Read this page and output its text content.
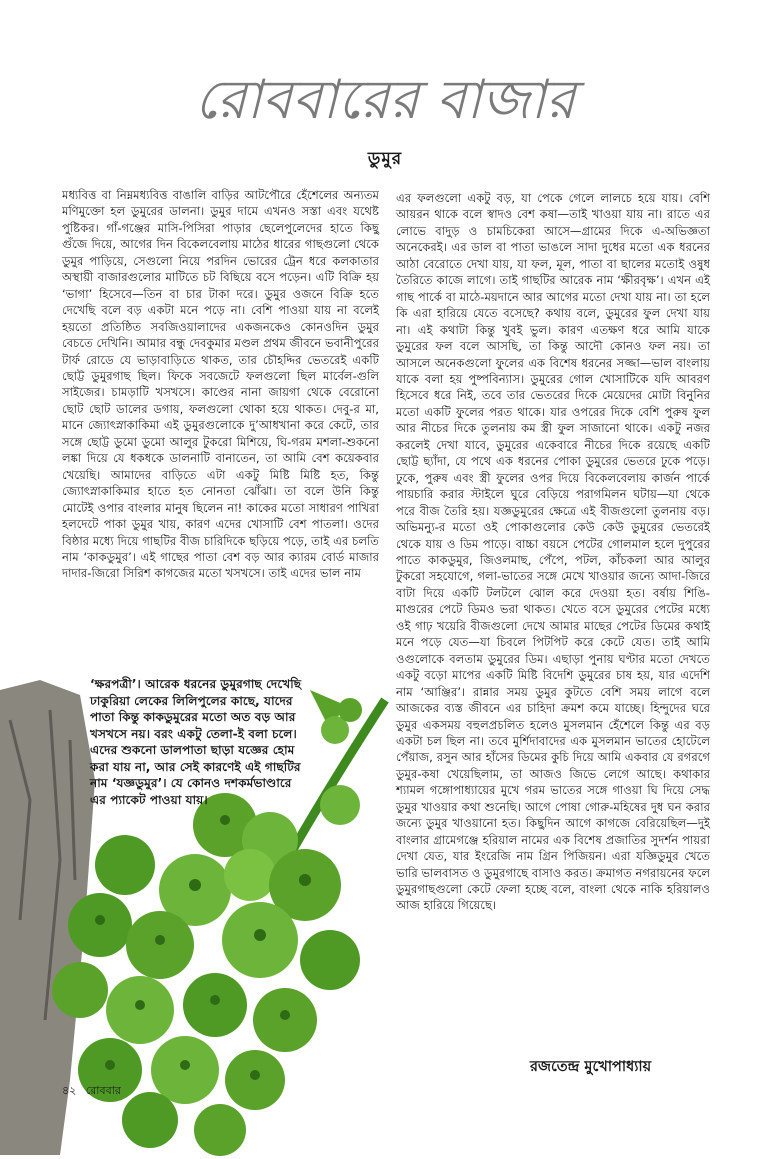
রোববারের বাজার
ডুমুর

মধ্যবিত্ত বা নিম্নমধ্যবিত্ত বাঙালি বাড়ির আটপৌরে হেঁশেলের অন্যতম মণিমুক্তো হল ডুমুরের ডালনা। ডুমুর দামে এখনও সস্তা এবং যথেষ্ট পুষ্টিকর। গাঁ-গঞ্জের মাসি-পিসিরা পাড়ার ছেলেপুলেদের হাতে কিছু গুঁজে দিয়ে, আগের দিন বিকেলবেলায় মাঠের ধারের গাছগুলো থেকে ডুমুর পাড়িয়ে, সেগুলো নিয়ে পরদিন ভোরের ট্রেন ধরে কলকাতার অস্থায়ী বাজারগুলোর মাটিতে চট বিছিয়ে বসে পড়েন। এটি বিক্রি হয় ‘ভাগা’ হিসেবে—তিন বা চার টাকা দরে। ডুমুর ওজনে বিক্রি হতে দেখেছি বলে বড় একটা মনে পড়ে না। বেশি পাওয়া যায় না বলেই হয়তো প্রতিষ্ঠিত সবজিওয়ালাদের একজনকেও কোনওদিন ডুমুর বেচতে দেখিনি। আমার বন্ধু দেবকুমার মণ্ডল প্রথম জীবনে ভবানীপুরের টার্ফ রোডে যে ভাড়াবাড়িতে থাকত, তার চৌহদ্দির ভেতরেই একটি ছোট্ট ডুমুরগাছ ছিল। ফিকে সবজেটে ফলগুলো ছিল মার্বেল-গুলি সাইজের। চামড়াটি খসখসে। কাণ্ডের নানা জায়গা থেকে বেরোনো ছোট ছোট ডালের ডগায়, ফলগুলো থোকা হয়ে থাকত। দেবু-র মা, মানে জ্যোৎস্নাকাকিমা এই ডুমুরগুলোকে দু’আধখানা করে কেটে, তার সঙ্গে ছোট্ট ডুমো ডুমো আলুর টুকরো মিশিয়ে, ঘি-গরম মশলা-শুকনো লঙ্কা দিয়ে যে ধকধকে ডালনাটি বানাতেন, তা আমি বেশ কয়েকবার খেয়েছি। আমাদের বাড়িতে এটা একটু মিষ্টি মিষ্টি হত, কিন্তু জ্যোৎস্নাকাকিমার হাতে হত নোনতা ঝোঁঝা। তা বলে উনি কিন্তু মোটেই ওপার বাংলার মানুষ ছিলেন না! কাকের মতো সাধারণ পাখিরা হলদেটে পাকা ডুমুর খায়, কারণ এদের খোসাটি বেশ পাতলা। ওদের বিষ্ঠার মধ্যে দিয়ে গাছটির বীজ চারিদিকে ছড়িয়ে পড়ে, তাই এর চলতি নাম ‘কাকডুমুর’। এই গাছের পাতা বেশ বড় আর ক্যারম বোর্ড মাজার দাদার-জিরো সিরিশ কাগজের মতো খসখসে। তাই এদের ভাল নাম

এর ফলগুলো একটু বড়, যা পেকে গেলে লালচে হয়ে যায়। বেশি আয়রন থাকে বলে স্বাদও বেশ কষা—তাই খাওয়া যায় না। রাতে এর লোভে বাদুড় ও চামচিকেরা আসে—গ্রামের দিকে এ-অভিজ্ঞতা অনেকেরই। এর ডাল বা পাতা ভাঙলে সাদা দুধের মতো এক ধরনের আঠা বেরোতে দেখা যায়, যা ফল, মূল, পাতা বা ছালের মতোই ওষুধ তৈরিতে কাজে লাগে। তাই গাছটির আরেক নাম ‘ক্ষীরবৃক্ষ’। এখন এই গাছ পার্কে বা মাঠে-ময়দানে আর আগের মতো দেখা যায় না। তা হলে কি এরা হারিয়ে যেতে বসেছে? কথায় বলে, ডুমুরের ফুল দেখা যায় না। এই কথাটা কিন্তু খুবই ভুল। কারণ এতক্ষণ ধরে আমি যাকে ডুমুরের ফল বলে আসছি, তা কিন্তু আদৌ কোনও ফল নয়। তা আসলে অনেকগুলো ফুলের এক বিশেষ ধরনের সজ্জা—ভাল বাংলায় যাকে বলা হয় পুষ্পবিন্যাস। ডুমুরের গোল খোসাটিকে যদি আবরণ হিসেবে ধরে নিই, তবে তার ভেতরের দিকে মেয়েদের মোটা বিনুনির মতো একটি ফুলের পরত থাকে। যার ওপরের দিকে বেশি পুরুষ ফুল আর নীচের দিকে তুলনায় কম স্ত্রী ফুল সাজানো থাকে। একটু নজর করলেই দেখা যাবে, ডুমুরের একেবারে নীচের দিকে রয়েছে একটি ছোট্ট ছ্যাঁদা, যে পথে এক ধরনের পোকা ডুমুরের ভেতরে ঢুকে পড়ে। ঢুকে, পুরুষ এবং স্ত্রী ফুলের ওপর দিয়ে বিকেলবেলায় কার্জন পার্কে পায়চারি করার স্টাইলে ঘুরে বেড়িয়ে পরাগমিলন ঘটায়—যা থেকে পরে বীজ তৈরি হয়। যজ্ঞডুমুরের ক্ষেত্রে এই বীজগুলো তুলনায় বড়। অভিমন্যু-র মতো ওই পোকাগুলোর কেউ কেউ ডুমুরের ভেতরেই থেকে যায় ও ডিম পাড়ে। বাচ্চা বয়সে পেটের গোলমাল হলে দুপুরের পাতে কাকডুমুর, জিওলমাছ, পেঁপে, পটল, কাঁচকলা আর আলুর টুকরো সহযোগে, গলা-ভাতের সঙ্গে মেখে খাওয়ার জন্যে আদা-জিরে বাটা দিয়ে একটি টলটলে ঝোল করে দেওয়া হত। বর্ষায় শিঙি-মাগুরের পেটে ডিমও ভরা থাকত। খেতে বসে ডুমুরের পেটের মধ্যে ওই গাঢ় খয়েরি বীজগুলো দেখে আমার মাছের পেটের ডিমের কথাই মনে পড়ে যেত—যা চিবলে পিটপিট করে কেটে যেত। তাই আমি ওগুলোকে বলতাম ডুমুরের ডিম। এছাড়া পুনায় ঘণ্টার মতো দেখতে একটু বড়ো মাপের একটি মিষ্টি বিদেশি ডুমুরের চাষ হয়, যার এদেশি নাম ‘আঞ্জির’। রান্নার সময় ডুমুর কুটতে বেশি সময় লাগে বলে আজকের ব্যস্ত জীবনে এর চাহিদা ক্রমশ কমে যাচ্ছে। হিন্দুদের ঘরে ডুমুর একসময় বহুলপ্রচলিত হলেও মুসলমান হেঁশেলে কিন্তু এর বড় একটা চল ছিল না। তবে মুর্শিদাবাদের এক মুসলমান ভাতের হোটেলে পেঁয়াজ, রসুন আর হাঁসের ডিমের কুচি দিয়ে আমি একবার যে রগরগে ডুমুর-কষা খেয়েছিলাম, তা আজও জিভে লেগে আছে। কথাকার শ্যামল গঙ্গোপাধ্যায়ের মুখে গরম ভাতের সঙ্গে গাওয়া ঘি দিয়ে সেদ্ধ ডুমুর খাওয়ার কথা শুনেছি। আগে পোষা গোরু-মহিষের দুধ ঘন করার জন্যে ডুমুর খাওয়ানো হত। কিছুদিন আগে কাগজে বেরিয়েছিল—দুই বাংলার গ্রামেগঞ্জে হরিয়াল নামের এক বিশেষ প্রজাতির সুদর্শন পায়রা দেখা যেত, যার ইংরেজি নাম গ্রিন পিজিয়ন। এরা যজ্ঞিডুমুর খেতে ভারি ভালবাসত ও ডুমুরগাছে বাসাও করত। ক্রমাগত নগরায়নের ফলে ডুমুরগাছগুলো কেটে ফেলা হচ্ছে বলে, বাংলা থেকে নাকি হরিয়ালও আজ হারিয়ে গিয়েছে।

‘ক্ষরপত্রী’। আরেক ধরনের ডুমুরগাছ দেখেছি
ঢাকুরিয়া লেকের লিলিপুলের কাছে, যাদের পাতা কিন্তু কাকডুমুরের মতো অত বড় আর খসখসে নয়। বরং একটু তেলা-ই বলা চলে। এদের শুকনো ডালপাতা ছাড়া যজ্ঞের হোম করা যায় না, আর সেই কারণেই এই গাছটির নাম ‘যজ্ঞডুমুর’। যে কোনও দশকর্মভাণ্ডারে এর প্যাকেট পাওয়া যায়।
রজতেন্দ্র মুখোপাধ্যায়
৪২ রোববার
